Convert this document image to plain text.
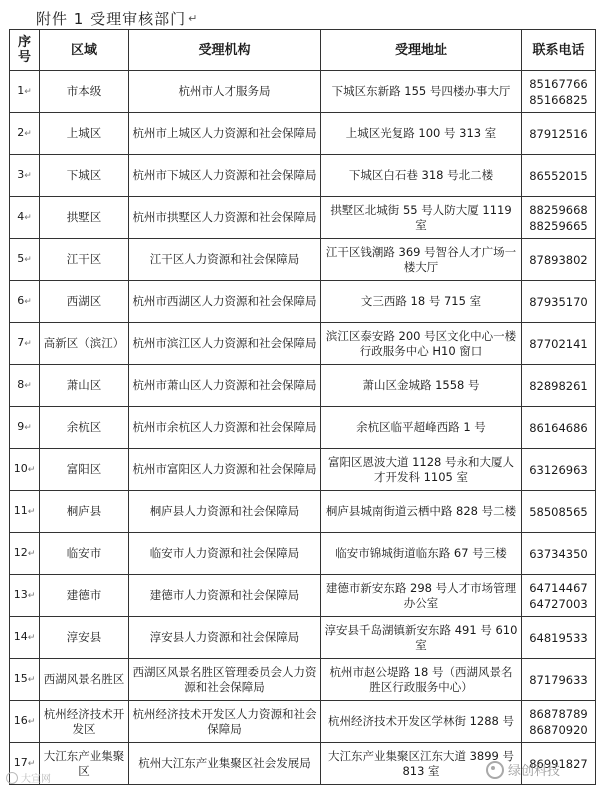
附件 1 受理审核部门 ↵
序号	区域	受理机构	受理地址	联系电话
1↵	市本级	杭州市人才服务局	下城区东新路 155 号四楼办事大厅	85167766
85166825

2↵	上城区	杭州市上城区人力资源和社会保障局	上城区光复路 100 号 313 室	87912516

3↵	下城区	杭州市下城区人力资源和社会保障局	下城区白石巷 318 号北二楼	86552015

4↵	拱墅区	杭州市拱墅区人力资源和社会保障局	拱墅区北城街 55 号人防大厦 1119 室	88259668
88259665

5↵	江干区	江干区人力资源和社会保障局	江干区钱潮路 369 号智谷人才广场一楼大厅	87893802

6↵	西湖区	杭州市西湖区人力资源和社会保障局	文三西路 18 号 715 室	87935170

7↵	高新区（滨江）	杭州市滨江区人力资源和社会保障局	滨江区泰安路 200 号区文化中心一楼行政服务中心 H10 窗口	87702141

8↵	萧山区	杭州市萧山区人力资源和社会保障局	萧山区金城路 1558 号	82898261

9↵	余杭区	杭州市余杭区人力资源和社会保障局	余杭区临平超峰西路 1 号	86164686

10↵	富阳区	杭州市富阳区人力资源和社会保障局	富阳区恩波大道 1128 号永和大厦人才开发科 1105 室	63126963

11↵	桐庐县	桐庐县人力资源和社会保障局	桐庐县城南街道云栖中路 828 号二楼	58508565

12↵	临安市	临安市人力资源和社会保障局	临安市锦城街道临东路 67 号三楼	63734350

13↵	建德市	建德市人力资源和社会保障局	建德市新安东路 298 号人才市场管理办公室	64714467
64727003

14↵	淳安县	淳安县人力资源和社会保障局	淳安县千岛湖镇新安东路 491 号 610 室	64819533

15↵	西湖风景名胜区	西湖区风景名胜区管理委员会人力资源和社会保障局	杭州市赵公堤路 18 号（西湖风景名胜区行政服务中心）	87179633

16↵	杭州经济技术开发区	杭州经济技术开发区人力资源和社会保障局	杭州经济技术开发区学林街 1288 号	86878789
86870920

17↵	大江东产业集聚区	杭州大江东产业集聚区社会发展局	大江东产业集聚区江东大道 3899 号 813 室	86991827
大宣网
绿创科技
